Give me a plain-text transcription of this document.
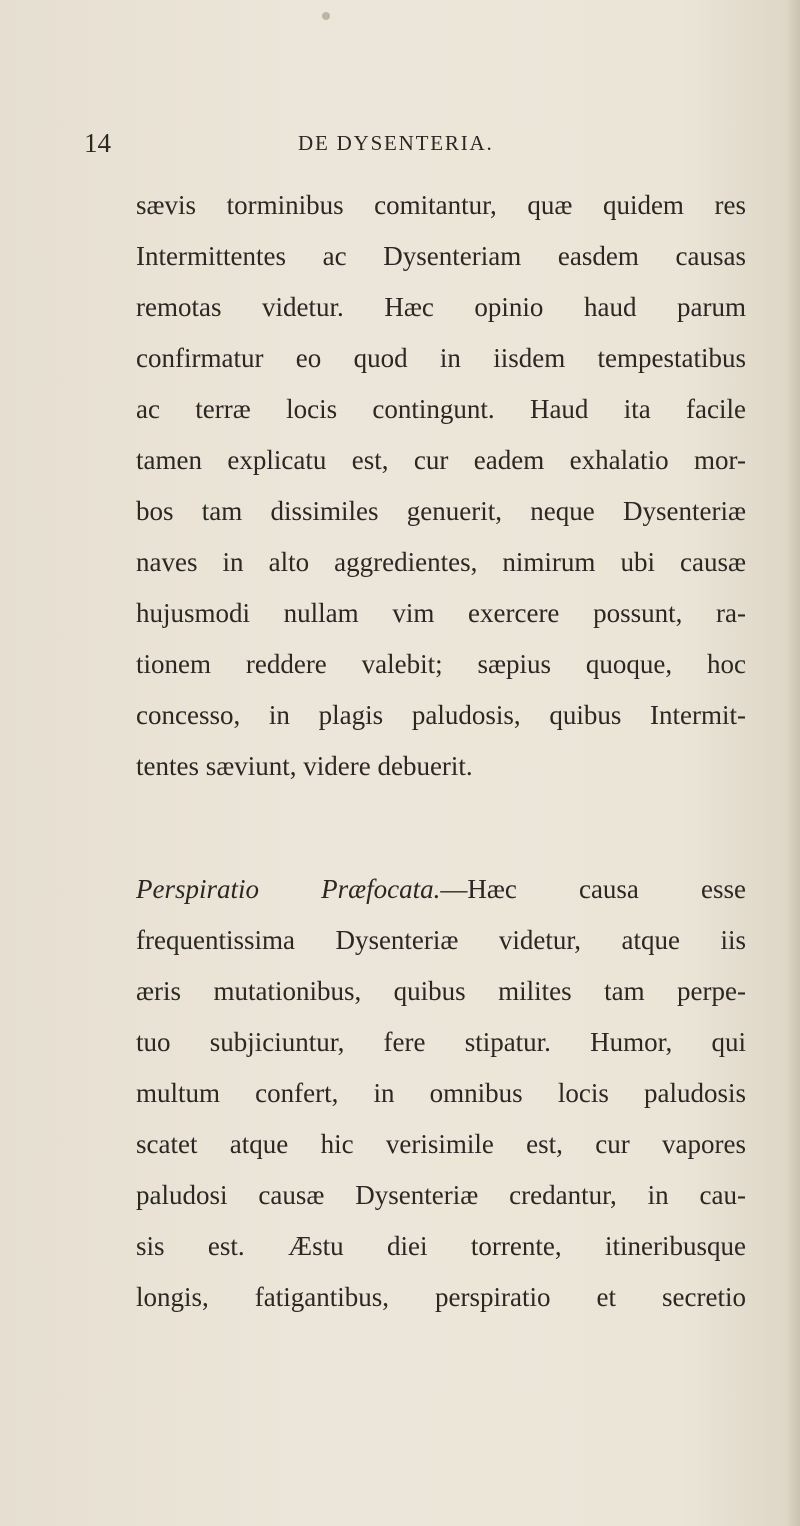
14	DE DYSENTERIA.
sævis torminibus comitantur, quæ quidem res
Intermittentes ac Dysenteriam easdem causas
remotas videtur. Hæc opinio haud parum
confirmatur eo quod in iisdem tempestatibus
ac terræ locis contingunt. Haud ita facile
tamen explicatu est, cur eadem exhalatio mor-
bos tam dissimiles genuerit, neque Dysenteriæ
naves in alto aggredientes, nimirum ubi causæ
hujusmodi nullam vim exercere possunt, ra-
tionem reddere valebit; sæpius quoque, hoc
concesso, in plagis paludosis, quibus Intermit-
tentes sæviunt, videre debuerit.
Perspiratio Præfocata.—Hæc causa esse
frequentissima Dysenteriæ videtur, atque iis
æris mutationibus, quibus milites tam perpe-
tuo subjiciuntur, fere stipatur. Humor, qui
multum confert, in omnibus locis paludosis
scatet atque hic verisimile est, cur vapores
paludosi causæ Dysenteriæ credantur, in cau-
sis est. Æstu diei torrente, itineribusque
longis, fatigantibus, perspiratio et secretio
